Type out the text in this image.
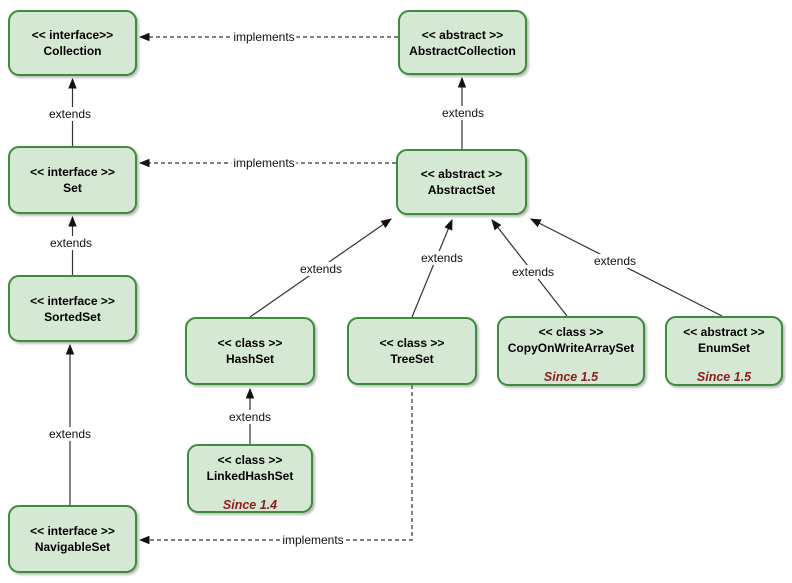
<< interface>>
Collection
<< abstract >>
AbstractCollection
<< interface >>
Set
<< abstract >>
AbstractSet
<< interface >>
SortedSet
<< class >>
HashSet
<< class >>
TreeSet
<< class >>
CopyOnWriteArraySet
Since 1.5
<< abstract >>
EnumSet
Since 1.5
<< class >>
LinkedHashSet
Since 1.4
<< interface >>
NavigableSet
extends	extends
implements
implements
extends
extends
extends
extends
extends
extends
extends
implements
